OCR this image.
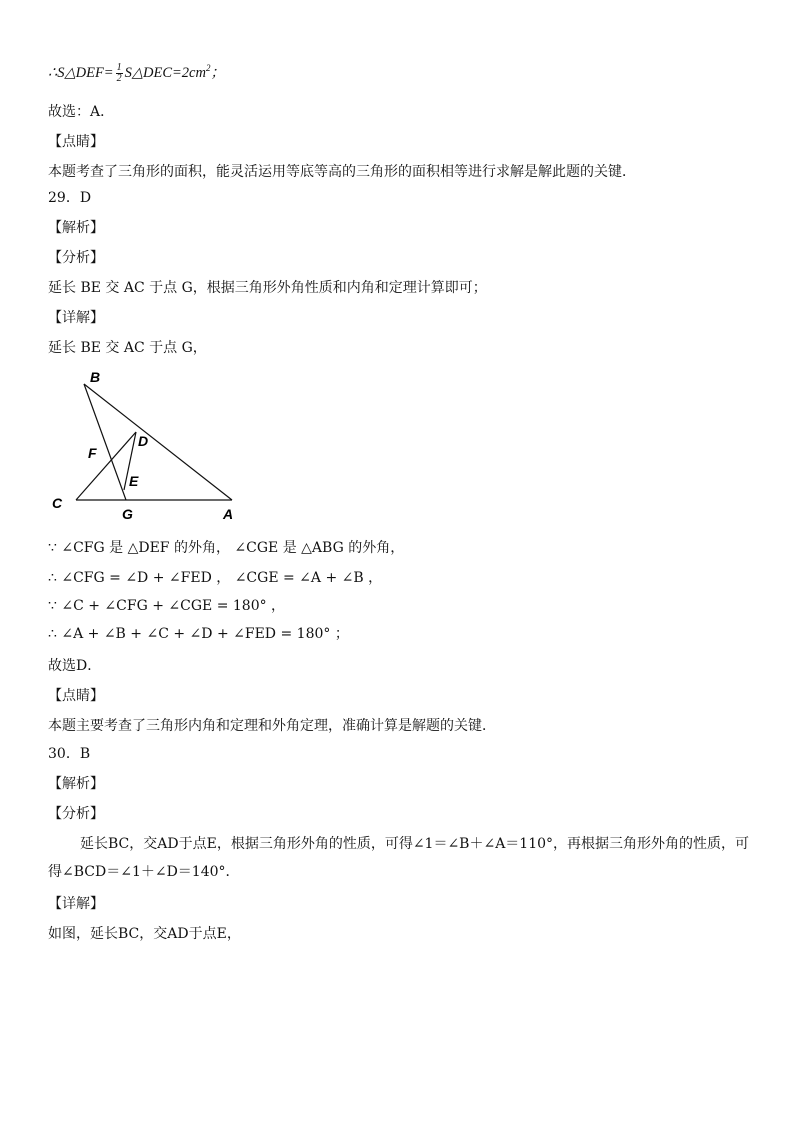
∴S△DEF= $\frac{1}{2}$ $S\triangle DEC=2cm^2$；
故选：A．
【点睛】
本题考查了三角形的面积，能灵活运用等底等高的三角形的面积相等进行求解是解此题的关键．
29．D
【解析】
【分析】
延长 BE 交 AC 于点 G，根据三角形外角性质和内角和定理计算即可；
【详解】
延长 BE 交 AC 于点 G，
B
D
F
E
C
G	A
∵ ∠CFG 是 △DEF 的外角， ∠CGE 是 △ABG 的外角，
∴ ∠CFG = ∠D + ∠FED ， ∠CGE = ∠A + ∠B ，
∵ ∠C + ∠CFG + ∠CGE = 180° ，
∴ ∠A + ∠B + ∠C + ∠D + ∠FED = 180° ；
故选D．
【点睛】
本题主要考查了三角形内角和定理和外角定理，准确计算是解题的关键．
30．B
【解析】
【分析】
延长BC，交AD于点E，根据三角形外角的性质，可得∠1＝∠B＋∠A＝110°，再根据三角形外角的性质，可
得∠BCD＝∠1＋∠D＝140°．
【详解】
如图，延长BC，交AD于点E，
